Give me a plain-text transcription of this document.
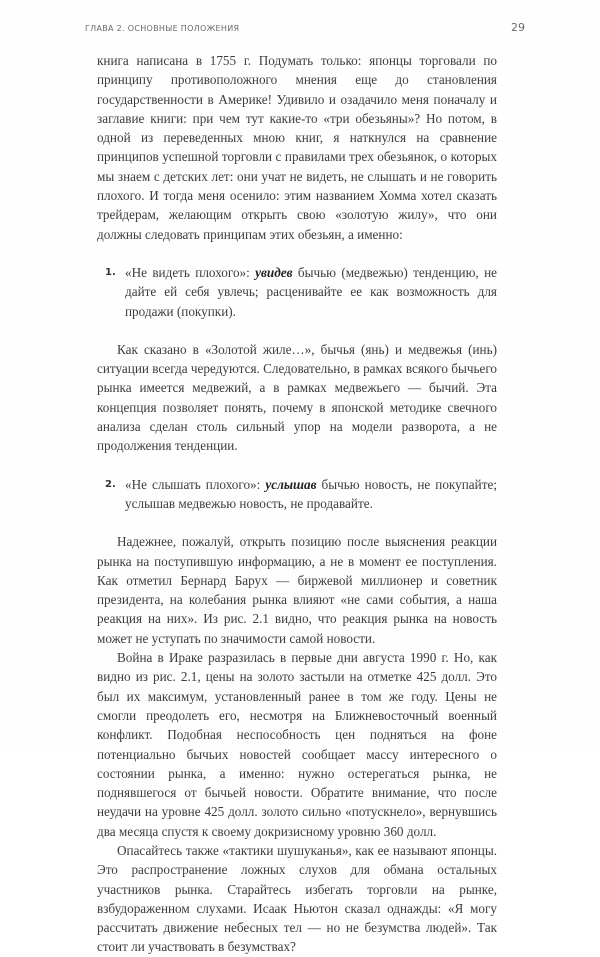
ГЛАВА 2. ОСНОВНЫЕ ПОЛОЖЕНИЯ	29

книга написана в 1755 г. Подумать только: японцы торговали по принципу противоположного мнения еще до становления государственности в Америке! Удивило и озадачило меня поначалу и заглавие книги: при чем тут какие-то «три обезьяны»? Но потом, в одной из переведенных мною книг, я наткнулся на сравнение принципов успешной торговли с правилами трех обезьянок, о которых мы знаем с детских лет: они учат не видеть, не слышать и не говорить плохого. И тогда меня осенило: этим названием Хомма хотел сказать трейдерам, желающим открыть свою «золотую жилу», что они должны следовать принципам этих обезьян, а именно:

1. «Не видеть плохого»: увидев бычью (медвежью) тенденцию, не дайте ей себя увлечь; расценивайте ее как возможность для продажи (покупки).

Как сказано в «Золотой жиле…», бычья (янь) и медвежья (инь) ситуации всегда чередуются. Следовательно, в рамках всякого бычьего рынка имеется медвежий, а в рамках медвежьего — бычий. Эта концепция позволяет понять, почему в японской методике свечного анализа сделан столь сильный упор на модели разворота, а не продолжения тенденции.

2. «Не слышать плохого»: услышав бычью новость, не покупайте; услышав медвежью новость, не продавайте.

Надежнее, пожалуй, открыть позицию после выяснения реакции рынка на поступившую информацию, а не в момент ее поступления. Как отметил Бернард Барух — биржевой миллионер и советник президента, на колебания рынка влияют «не сами события, а наша реакция на них». Из рис. 2.1 видно, что реакция рынка на новость может не уступать по значимости самой новости.

Война в Ираке разразилась в первые дни августа 1990 г. Но, как видно из рис. 2.1, цены на золото застыли на отметке 425 долл. Это был их максимум, установленный ранее в том же году. Цены не смогли преодолеть его, несмотря на Ближневосточный военный конфликт. Подобная неспособность цен подняться на фоне потенциально бычьих новостей сообщает массу интересного о состоянии рынка, а именно: нужно остерегаться рынка, не поднявшегося от бычьей новости. Обратите внимание, что после неудачи на уровне 425 долл. золото сильно «потускнело», вернувшись два месяца спустя к своему докризисному уровню 360 долл.

Опасайтесь также «тактики шушуканья», как ее называют японцы. Это распространение ложных слухов для обмана остальных участников рынка. Старайтесь избегать торговли на рынке, взбудораженном слухами. Исаак Ньютон сказал однажды: «Я могу рассчитать движение небесных тел — но не безумства людей». Так стоит ли участвовать в безумствах?
